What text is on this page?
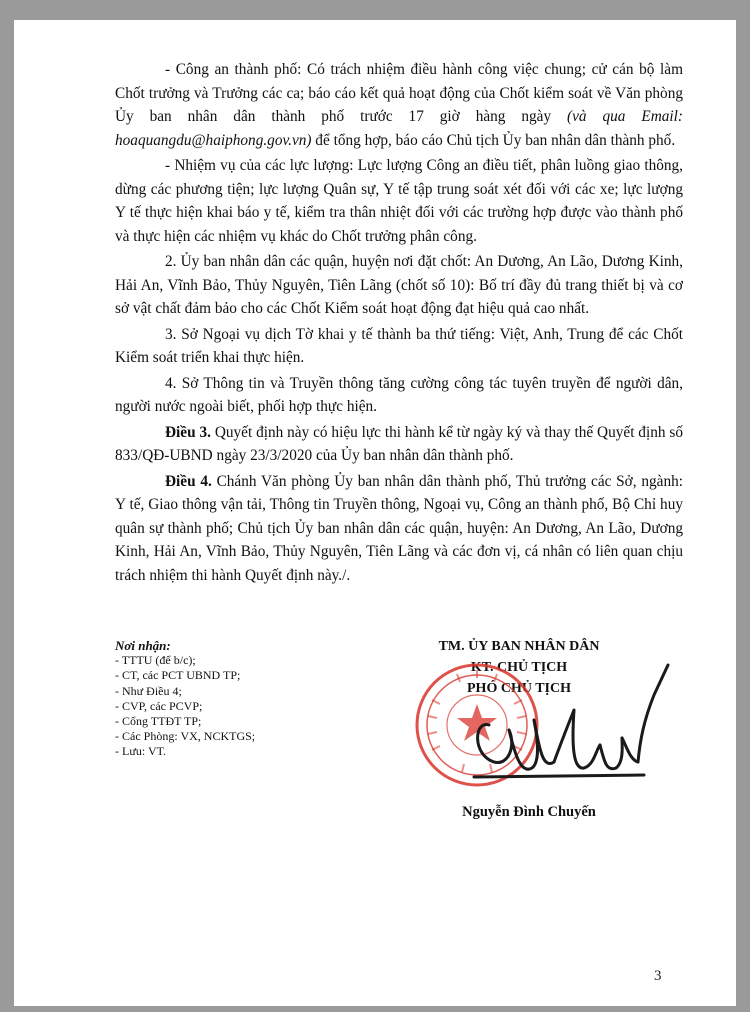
- Công an thành phố: Có trách nhiệm điều hành công việc chung; cử cán bộ làm Chốt trưởng và Trưởng các ca; báo cáo kết quả hoạt động của Chốt kiểm soát về Văn phòng Ủy ban nhân dân thành phố trước 17 giờ hàng ngày (và qua Email: hoaquangdu@haiphong.gov.vn) để tổng hợp, báo cáo Chủ tịch Ủy ban nhân dân thành phố.

- Nhiệm vụ của các lực lượng: Lực lượng Công an điều tiết, phân luồng giao thông, dừng các phương tiện; lực lượng Quân sự, Y tế tập trung soát xét đối với các xe; lực lượng Y tế thực hiện khai báo y tế, kiểm tra thân nhiệt đối với các trường hợp được vào thành phố và thực hiện các nhiệm vụ khác do Chốt trưởng phân công.

2. Ủy ban nhân dân các quận, huyện nơi đặt chốt: An Dương, An Lão, Dương Kinh, Hải An, Vĩnh Bảo, Thủy Nguyên, Tiên Lãng (chốt số 10): Bố trí đầy đủ trang thiết bị và cơ sở vật chất đảm bảo cho các Chốt Kiểm soát hoạt động đạt hiệu quả cao nhất.

3. Sở Ngoại vụ dịch Tờ khai y tế thành ba thứ tiếng: Việt, Anh, Trung để các Chốt Kiểm soát triển khai thực hiện.

4. Sở Thông tin và Truyền thông tăng cường công tác tuyên truyền để người dân, người nước ngoài biết, phối hợp thực hiện.

Điều 3. Quyết định này có hiệu lực thi hành kể từ ngày ký và thay thế Quyết định số 833/QĐ-UBND ngày 23/3/2020 của Ủy ban nhân dân thành phố.

Điều 4. Chánh Văn phòng Ủy ban nhân dân thành phố, Thủ trưởng các Sở, ngành: Y tế, Giao thông vận tải, Thông tin Truyền thông, Ngoại vụ, Công an thành phố, Bộ Chỉ huy quân sự thành phố; Chủ tịch Ủy ban nhân dân các quận, huyện: An Dương, An Lão, Dương Kinh, Hải An, Vĩnh Bảo, Thủy Nguyên, Tiên Lãng và các đơn vị, cá nhân có liên quan chịu trách nhiệm thi hành Quyết định này./.

Nơi nhận:
- TTTU (để b/c);
- CT, các PCT UBND TP;
- Như Điều 4;
- CVP, các PCVP;
- Cổng TTĐT TP;
- Các Phòng: VX, NCKTGS;
- Lưu: VT.
TM. ỦY BAN NHÂN DÂN
KT. CHỦ TỊCH
PHÓ CHỦ TỊCH
Nguyễn Đình Chuyến
3
